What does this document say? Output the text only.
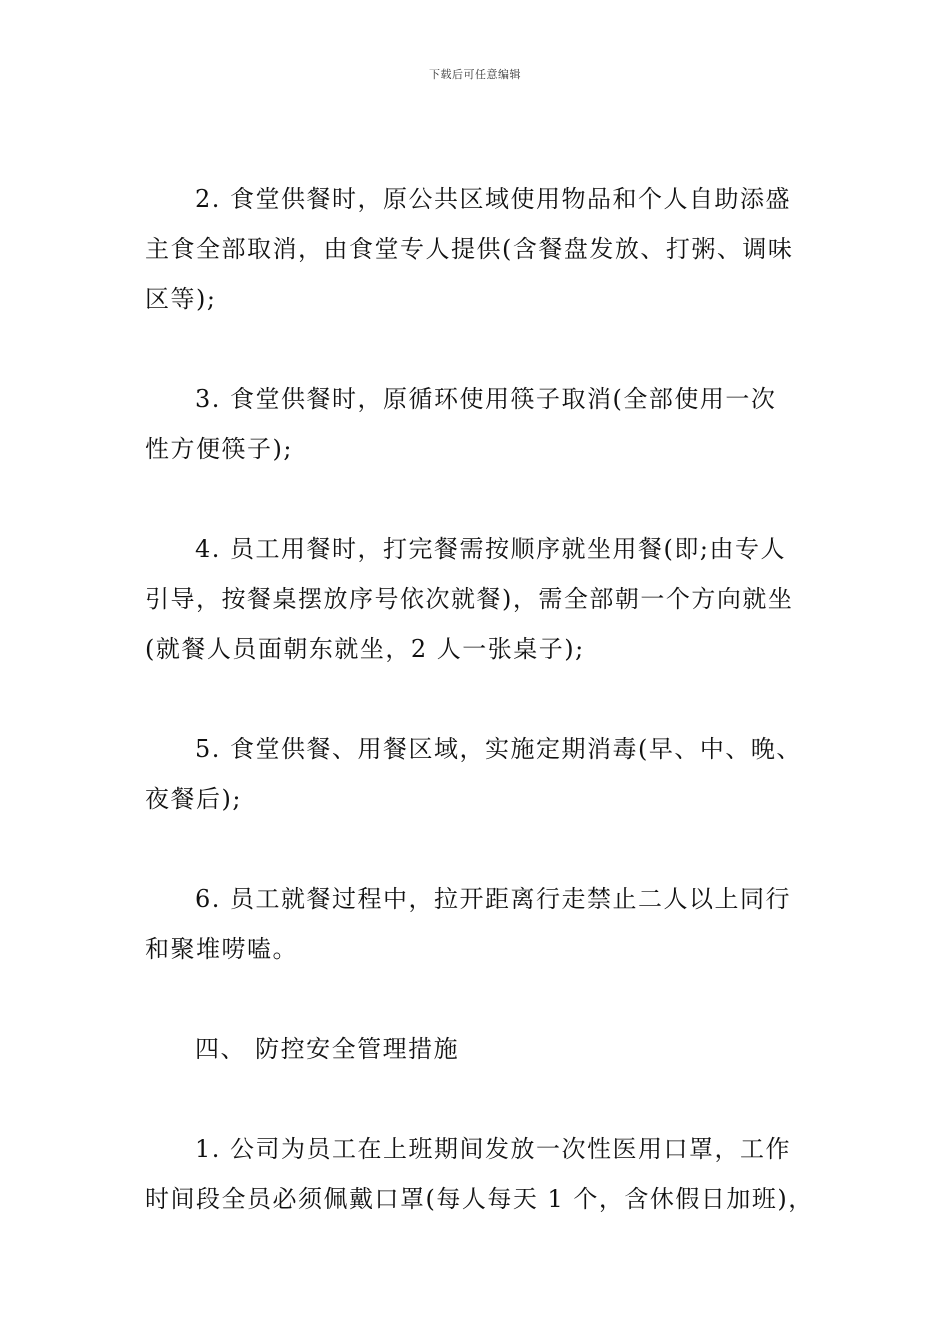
下载后可任意编辑
2. 食堂供餐时，原公共区域使用物品和个人自助添盛
主食全部取消，由食堂专人提供(含餐盘发放、打粥、调味
区等);
3. 食堂供餐时，原循环使用筷子取消(全部使用一次
性方便筷子);
4. 员工用餐时，打完餐需按顺序就坐用餐(即;由专人
引导，按餐桌摆放序号依次就餐)，需全部朝一个方向就坐
(就餐人员面朝东就坐，2 人一张桌子);
5. 食堂供餐、用餐区域，实施定期消毒(早、中、晚、
夜餐后);
6. 员工就餐过程中，拉开距离行走禁止二人以上同行
和聚堆唠嗑。
四、 防控安全管理措施
1. 公司为员工在上班期间发放一次性医用口罩，工作
时间段全员必须佩戴口罩(每人每天 1 个，含休假日加班)，
